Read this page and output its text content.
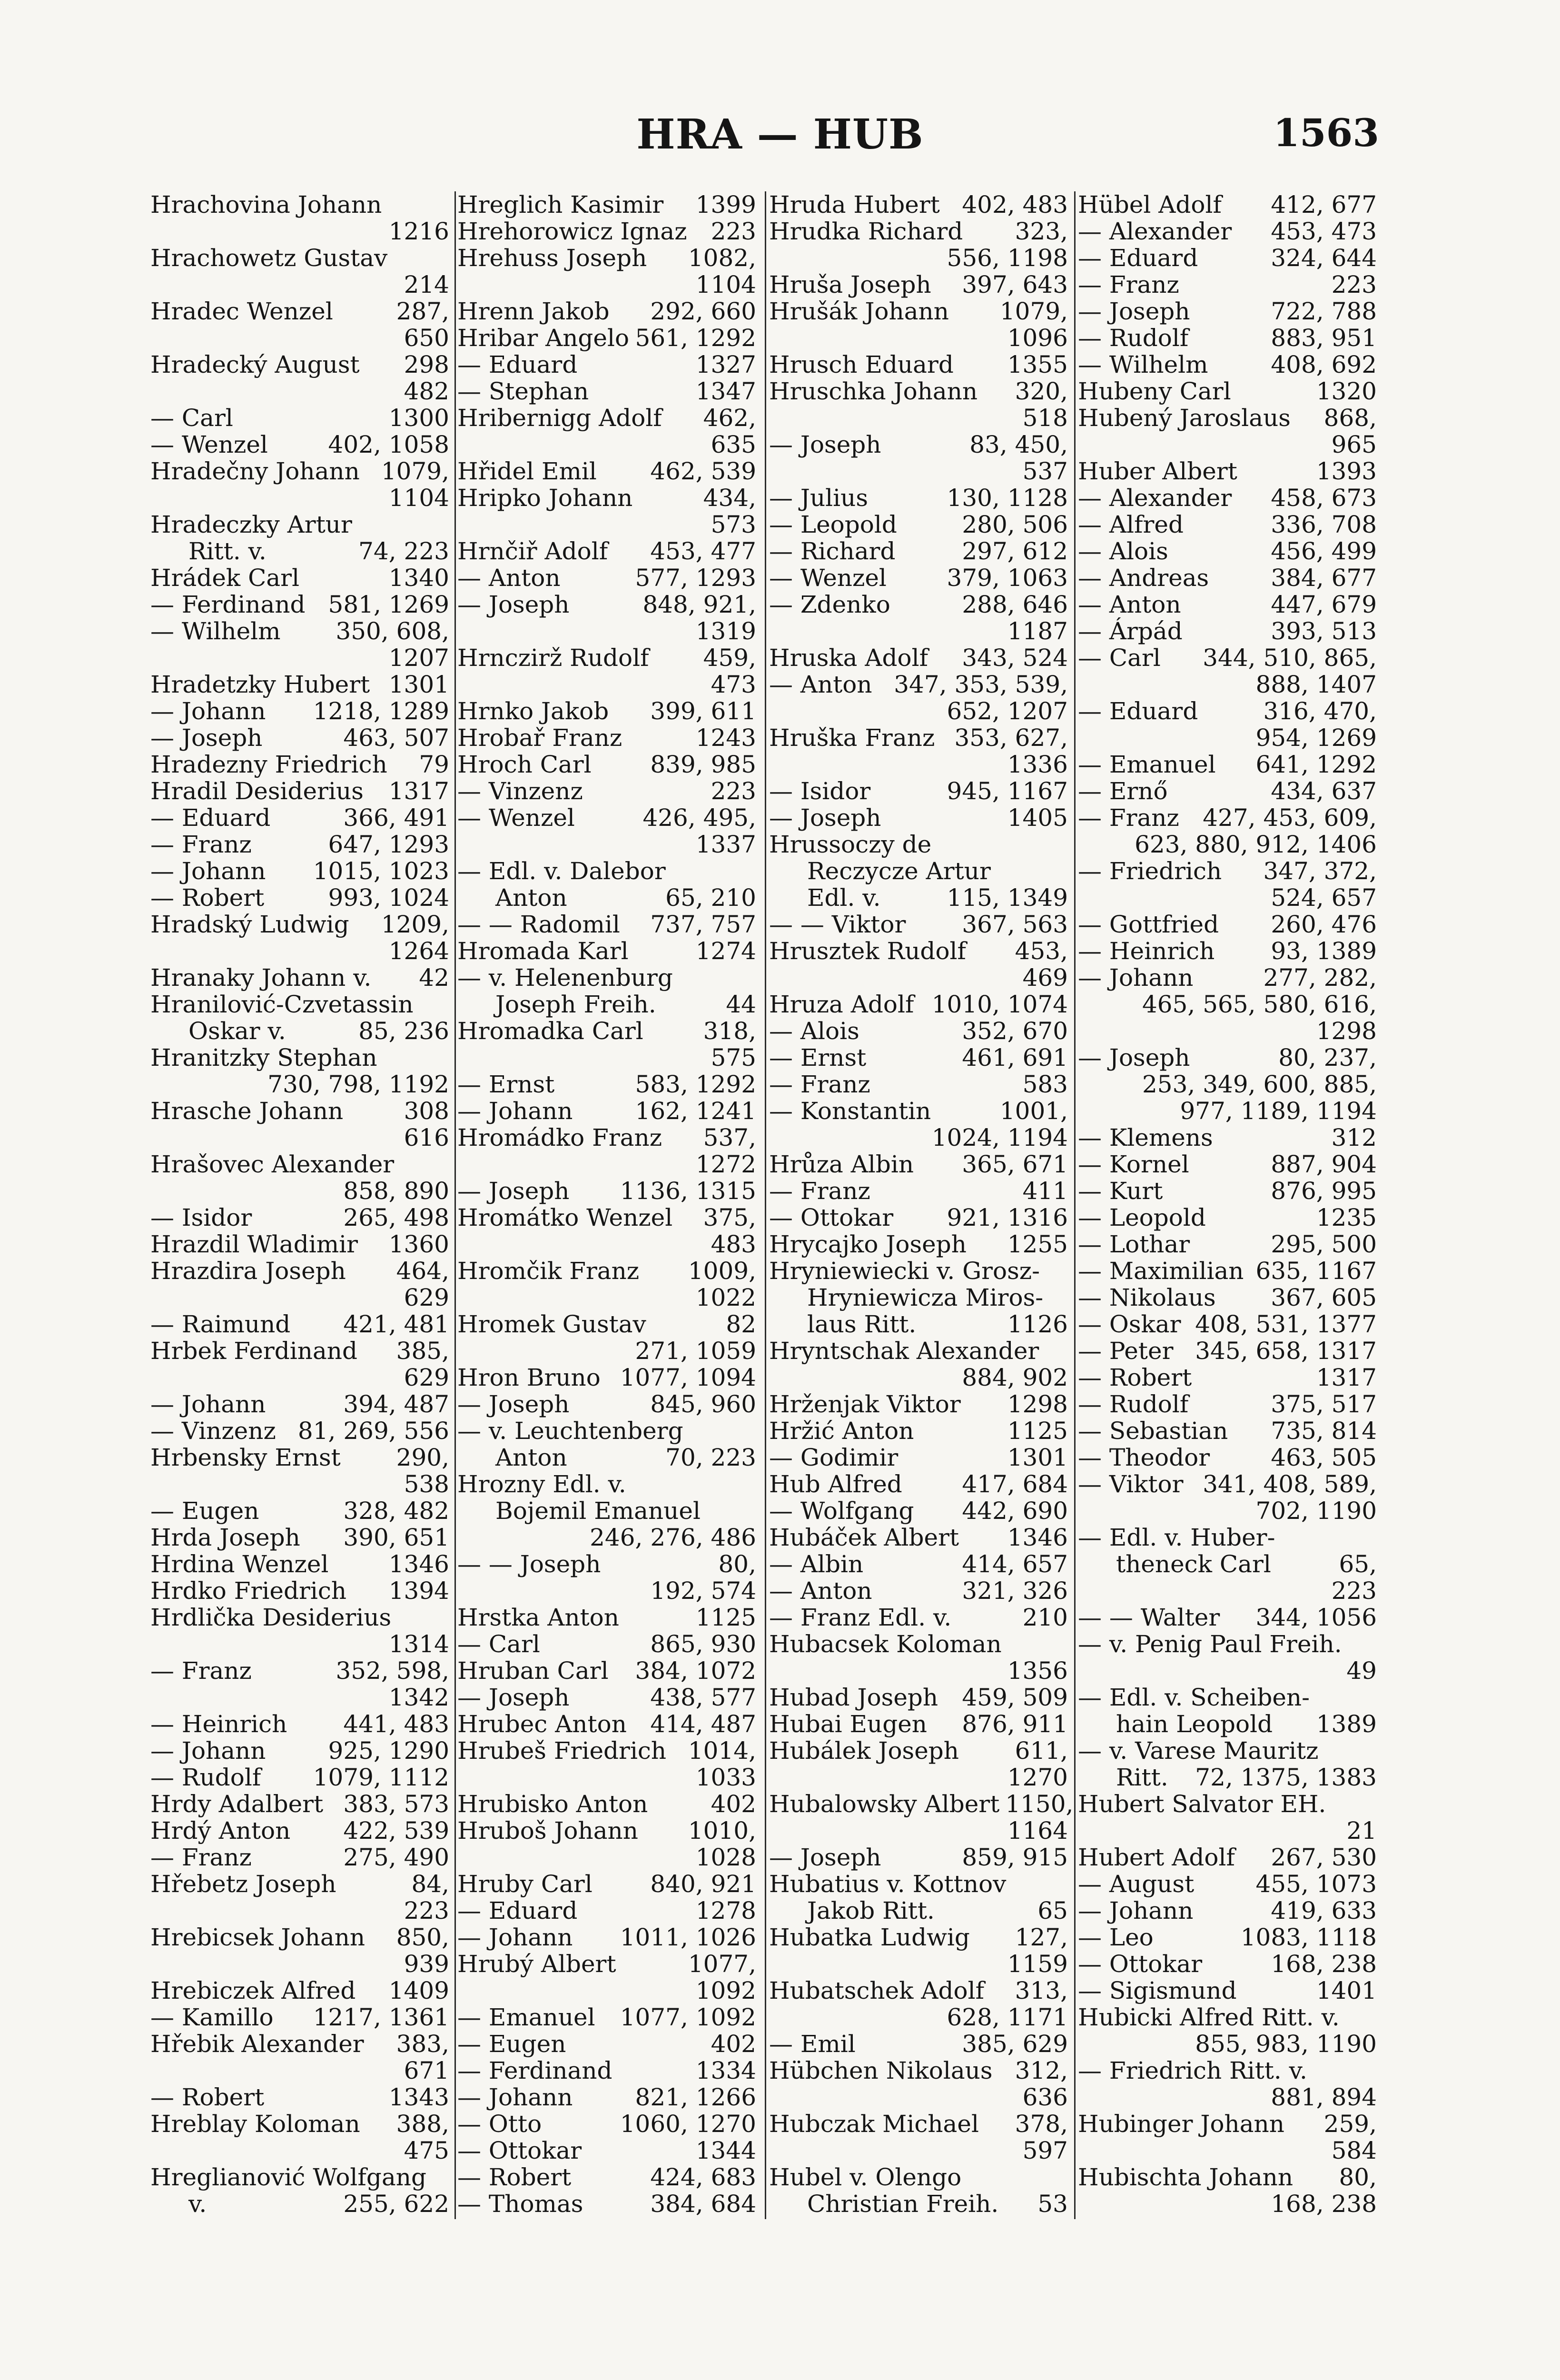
HRA — HUB	1563
Hrachovina Johann
1216
Hrachowetz Gustav
214
Hradec Wenzel	287,
650
Hradecký August 298
482
— Carl	1300
— Wenzel	402, 1058
Hradečny Johann 1079,
1104
Hradeczky Artur
Ritt. v.	74, 223
Hrádek Carl	1340
— Ferdinand 581, 1269
— Wilhelm 350, 608,
1207
Hradetzky Hubert 1301
— Johann 1218, 1289
— Joseph	463, 507
Hradezny Friedrich 79
Hradil Desiderius 1317
— Eduard	366, 491
— Franz	647, 1293
— Johann 1015, 1023
— Robert	993, 1024
Hradský Ludwig 1209,
1264
Hranaky Johann v. 42
Hranilović-Czvetassin
Oskar v.	85, 236
Hranitzky Stephan
730, 798, 1192
Hrasche Johann	308
616
Hrašovec Alexander
858, 890
— Isidor	265, 498
Hrazdil Wladimir 1360
Hrazdira Joseph 464,
629
— Raimund 421, 481
Hrbek Ferdinand 385,
629
— Johann	394, 487
— Vinzenz 81, 269, 556
Hrbensky Ernst 290,
538
— Eugen	328, 482
Hrda Joseph 390, 651
Hrdina Wenzel	1346
Hrdko Friedrich 1394
Hrdlička Desiderius
1314
— Franz	352, 598,
1342
— Heinrich 441, 483
— Johann	925, 1290
— Rudolf 1079, 1112
Hrdy Adalbert 383, 573
Hrdý Anton 422, 539
— Franz	275, 490
Hřebetz Joseph	84,
223
Hrebicsek Johann 850,
939
Hrebiczek Alfred 1409
— Kamillo 1217, 1361
Hřebik Alexander 383,
671
— Robert	1343
Hreblay Koloman 388,
475
Hreglianović Wolfgang
v.	255, 622
Hreglich Kasimir 1399
Hrehorowicz Ignaz 223
Hrehuss Joseph 1082,
1104
Hrenn Jakob 292, 660
Hribar Angelo 561, 1292
— Eduard	1327
— Stephan	1347
Hribernigg Adolf 462,
635
Hřidel Emil 462, 539
Hripko Johann	434,
573
Hrnčiř Adolf 453, 477
— Anton	577, 1293
— Joseph	848, 921,
1319
Hrnczirž Rudolf 459,
473
Hrnko Jakob 399, 611
Hrobař Franz	1243
Hroch Carl 839, 985
— Vinzenz	223
— Wenzel	426, 495,
1337
— Edl. v. Dalebor
Anton	65, 210
— — Radomil 737, 757
Hromada Karl	1274
— v. Helenenburg
Joseph Freih.	44
Hromadka Carl	318,
575
— Ernst	583, 1292
— Johann	162, 1241
Hromádko Franz 537,
1272
— Joseph 1136, 1315
Hromátko Wenzel 375,
483
Hromčik Franz 1009,
1022
Hromek Gustav	82
271, 1059
Hron Bruno 1077, 1094
— Joseph	845, 960
— v. Leuchtenberg
Anton	70, 223
Hrozny Edl. v.
Bojemil Emanuel
246, 276, 486
— — Joseph	80,
192, 574
Hrstka Anton	1125
— Carl	865, 930
Hruban Carl 384, 1072
— Joseph	438, 577
Hrubec Anton 414, 487
Hrubeš Friedrich 1014,
1033
Hrubisko Anton	402
Hruboš Johann 1010,
1028
Hruby Carl 840, 921
— Eduard	1278
— Johann 1011, 1026
Hrubý Albert	1077,
1092
— Emanuel 1077, 1092
— Eugen	402
— Ferdinand	1334
— Johann	821, 1266
— Otto	1060, 1270
— Ottokar	1344
— Robert	424, 683
— Thomas	384, 684
Hruda Hubert 402, 483
Hrudka Richard 323,
556, 1198
Hruša Joseph 397, 643
Hrušák Johann 1079,
1096
Hrusch Eduard 1355
Hruschka Johann 320,
518
— Joseph	83, 450,
537
— Julius	130, 1128
— Leopold	280, 506
— Richard	297, 612
— Wenzel	379, 1063
— Zdenko	288, 646
1187
Hruska Adolf 343, 524
— Anton 347, 353, 539,
652, 1207
Hruška Franz 353, 627,
1336
— Isidor	945, 1167
— Joseph	1405
Hrussoczy de
Reczycze Artur
Edl. v.	115, 1349
— — Viktor 367, 563
Hrusztek Rudolf 453,
469
Hruza Adolf 1010, 1074
— Alois	352, 670
— Ernst	461, 691
— Franz	583
— Konstantin	1001,
1024, 1194
Hrůza Albin 365, 671
— Franz	411
— Ottokar 921, 1316
Hrycajko Joseph 1255
Hryniewiecki v. Grosz-
Hryniewicza Miros-
laus Ritt.	1126
Hryntschak Alexander
884, 902
Hrženjak Viktor 1298
Hržić Anton	1125
— Godimir	1301
Hub Alfred	417, 684
— Wolfgang 442, 690
Hubáček Albert 1346
— Albin	414, 657
— Anton	321, 326
— Franz Edl. v.	210
Hubacsek Koloman
1356
Hubad Joseph 459, 509
Hubai Eugen 876, 911
Hubálek Joseph 611,
1270
Hubalowsky Albert 1150,
1164
— Joseph	859, 915
Hubatius v. Kottnov
Jakob Ritt.	65
Hubatka Ludwig 127,
1159
Hubatschek Adolf 313,
628, 1171
— Emil	385, 629
Hübchen Nikolaus 312,
636
Hubczak Michael 378,
597
Hubel v. Olengo
Christian Freih. 53
Hübel Adolf 412, 677
— Alexander 453, 473
— Eduard	324, 644
— Franz	223
— Joseph	722, 788
— Rudolf	883, 951
— Wilhelm	408, 692
Hubeny Carl	1320
Hubený Jaroslaus 868,
965
Huber Albert	1393
— Alexander 458, 673
— Alfred	336, 708
— Alois	456, 499
— Andreas	384, 677
— Anton	447, 679
— Árpád	393, 513
— Carl 344, 510, 865,
888, 1407
— Eduard	316, 470,
954, 1269
— Emanuel 641, 1292
— Ernő	434, 637
— Franz 427, 453, 609,
623, 880, 912, 1406
— Friedrich 347, 372,
524, 657
— Gottfried 260, 476
— Heinrich 93, 1389
— Johann	277, 282,
465, 565, 580, 616,
1298
— Joseph	80, 237,
253, 349, 600, 885,
977, 1189, 1194
— Klemens	312
— Kornel	887, 904
— Kurt	876, 995
— Leopold	1235
— Lothar	295, 500
— Maximilian 635, 1167
— Nikolaus 367, 605
— Oskar 408, 531, 1377
— Peter 345, 658, 1317
— Robert	1317
— Rudolf	375, 517
— Sebastian 735, 814
— Theodor	463, 505
— Viktor 341, 408, 589,
702, 1190
— Edl. v. Huber-
theneck Carl	65,
223
— — Walter 344, 1056
— v. Penig Paul Freih.
49
— Edl. v. Scheiben-
hain Leopold 1389
— v. Varese Mauritz
Ritt. 72, 1375, 1383
Hubert Salvator EH.
21
Hubert Adolf 267, 530
— August	455, 1073
— Johann	419, 633
— Leo	1083, 1118
— Ottokar	168, 238
— Sigismund	1401
Hubicki Alfred Ritt. v.
855, 983, 1190
— Friedrich Ritt. v.
881, 894
Hubinger Johann 259,
584
Hubischta Johann 80,
168, 238
